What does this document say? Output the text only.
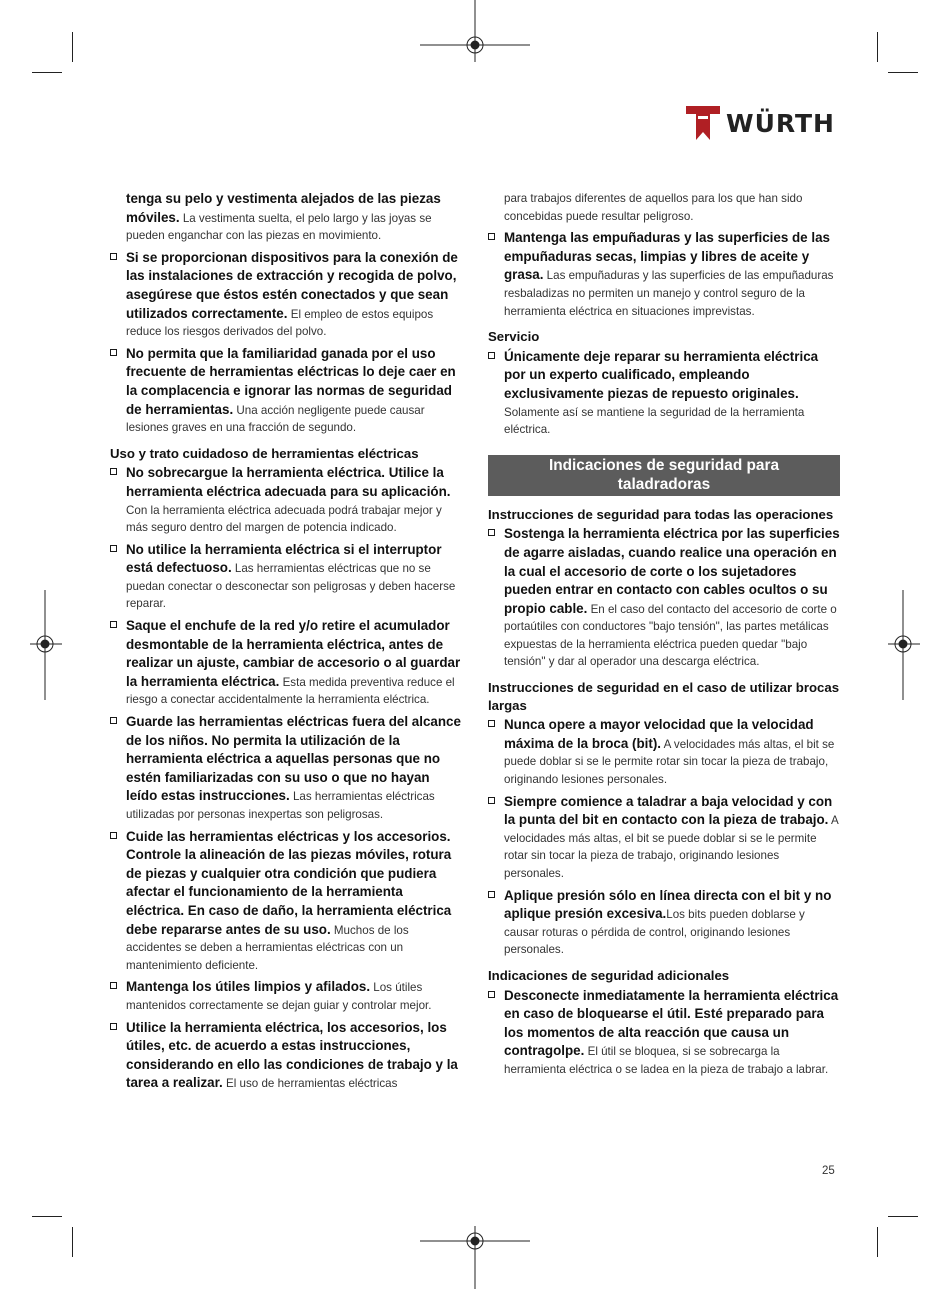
WÜRTH
tenga su pelo y vestimenta alejados de las piezas móviles. La vestimenta suelta, el pelo largo y las joyas se pueden enganchar con las piezas en movimiento.
Si se proporcionan dispositivos para la conexión de las instalaciones de extracción y recogida de polvo, asegúrese que éstos estén conectados y que sean utilizados correctamente. El empleo de estos equipos reduce los riesgos derivados del polvo.
No permita que la familiaridad ganada por el uso frecuente de herramientas eléctricas lo deje caer en la complacencia e ignorar las normas de seguridad de herramientas. Una acción negligente puede causar lesiones graves en una fracción de segundo.
Uso y trato cuidadoso de herramientas eléctricas
No sobrecargue la herramienta eléctrica. Utilice la herramienta eléctrica adecuada para su aplicación. Con la herramienta eléctrica adecuada podrá trabajar mejor y más seguro dentro del margen de potencia indicado.
No utilice la herramienta eléctrica si el interruptor está defectuoso. Las herramientas eléctricas que no se puedan conectar o desconectar son peligrosas y deben hacerse reparar.
Saque el enchufe de la red y/o retire el acumulador desmontable de la herramienta eléctrica, antes de realizar un ajuste, cambiar de accesorio o al guardar la herramienta eléctrica. Esta medida preventiva reduce el riesgo a conectar accidentalmente la herramienta eléctrica.
Guarde las herramientas eléctricas fuera del alcance de los niños. No permita la utilización de la herramienta eléctrica a aquellas personas que no estén familiarizadas con su uso o que no hayan leído estas instrucciones. Las herramientas eléctricas utilizadas por personas inexpertas son peligrosas.
Cuide las herramientas eléctricas y los accesorios. Controle la alineación de las piezas móviles, rotura de piezas y cualquier otra condición que pudiera afectar el funcionamiento de la herramienta eléctrica. En caso de daño, la herramienta eléctrica debe repararse antes de su uso. Muchos de los accidentes se deben a herramientas eléctricas con un mantenimiento deficiente.
Mantenga los útiles limpios y afilados. Los útiles mantenidos correctamente se dejan guiar y controlar mejor.
Utilice la herramienta eléctrica, los accesorios, los útiles, etc. de acuerdo a estas instrucciones, considerando en ello las condiciones de trabajo y la tarea a realizar. El uso de herramientas eléctricas
para trabajos diferentes de aquellos para los que han sido concebidas puede resultar peligroso.
Mantenga las empuñaduras y las superficies de las empuñaduras secas, limpias y libres de aceite y grasa. Las empuñaduras y las superficies de las empuñaduras resbaladizas no permiten un manejo y control seguro de la herramienta eléctrica en situaciones imprevistas.
Servicio
Únicamente deje reparar su herramienta eléctrica por un experto cualificado, empleando exclusivamente piezas de repuesto originales. Solamente así se mantiene la seguridad de la herramienta eléctrica.
Indicaciones de seguridad para taladradoras
Instrucciones de seguridad para todas las operaciones
Sostenga la herramienta eléctrica por las superficies de agarre aisladas, cuando realice una operación en la cual el accesorio de corte o los sujetadores pueden entrar en contacto con cables ocultos o su propio cable. En el caso del contacto del accesorio de corte o portaútiles con conductores "bajo tensión", las partes metálicas expuestas de la herramienta eléctrica pueden quedar "bajo tensión" y dar al operador una descarga eléctrica.
Instrucciones de seguridad en el caso de utilizar brocas largas
Nunca opere a mayor velocidad que la velocidad máxima de la broca (bit). A velocidades más altas, el bit se puede doblar si se le permite rotar sin tocar la pieza de trabajo, originando lesiones personales.
Siempre comience a taladrar a baja velocidad y con la punta del bit en contacto con la pieza de trabajo. A velocidades más altas, el bit se puede doblar si se le permite rotar sin tocar la pieza de trabajo, originando lesiones personales.
Aplique presión sólo en línea directa con el bit y no aplique presión excesiva.Los bits pueden doblarse y causar roturas o pérdida de control, originando lesiones personales.
Indicaciones de seguridad adicionales
Desconecte inmediatamente la herramienta eléctrica en caso de bloquearse el útil. Esté preparado para los momentos de alta reacción que causa un contragolpe. El útil se bloquea, si se sobrecarga la herramienta eléctrica o se ladea en la pieza de trabajo a labrar.
25
